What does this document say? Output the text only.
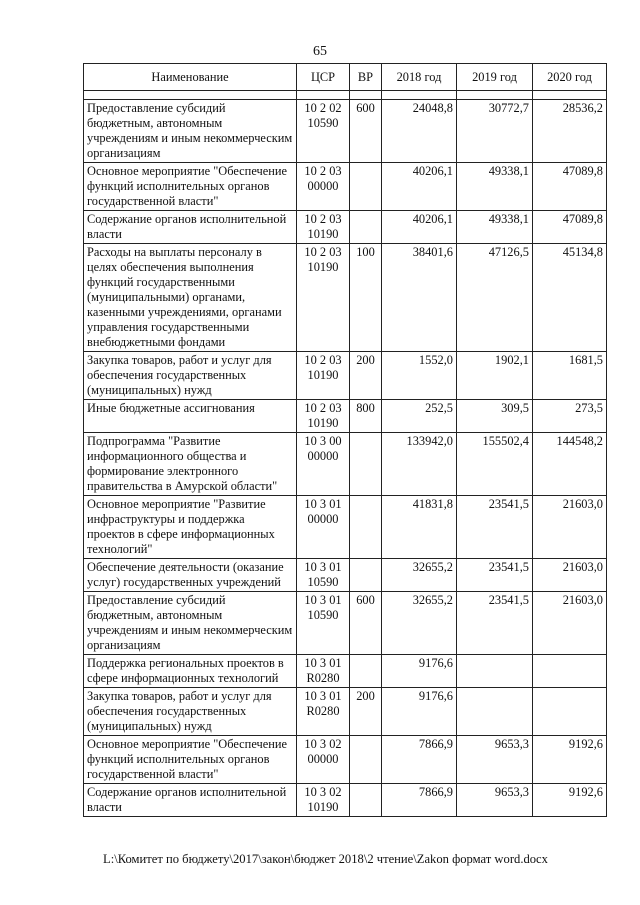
65
Наименование	ЦСР	ВР	2018 год	2019 год	2020 год

Предоставление субсидий бюджетным, автономным учреждениям и иным некоммерческим организациям	10 2 02 10590	600	24048,8	30772,7	28536,2
Основное мероприятие "Обеспечение функций исполнительных органов государственной власти"	10 2 03 00000		40206,1	49338,1	47089,8
Содержание органов исполнительной власти	10 2 03 10190		40206,1	49338,1	47089,8
Расходы на выплаты персоналу в целях обеспечения выполнения функций государственными (муниципальными) органами, казенными учреждениями, органами управления государственными внебюджетными фондами	10 2 03 10190	100	38401,6	47126,5	45134,8
Закупка товаров, работ и услуг для обеспечения государственных (муниципальных) нужд	10 2 03 10190	200	1552,0	1902,1	1681,5
Иные бюджетные ассигнования	10 2 03 10190	800	252,5	309,5	273,5
Подпрограмма "Развитие информационного общества и формирование электронного правительства в Амурской области"	10 3 00 00000		133942,0	155502,4	144548,2
Основное мероприятие "Развитие инфраструктуры и поддержка проектов в сфере информационных технологий"	10 3 01 00000		41831,8	23541,5	21603,0
Обеспечение деятельности (оказание услуг) государственных учреждений	10 3 01 10590		32655,2	23541,5	21603,0
Предоставление субсидий бюджетным, автономным учреждениям и иным некоммерческим организациям	10 3 01 10590	600	32655,2	23541,5	21603,0
Поддержка региональных проектов в сфере информационных технологий	10 3 01 R0280		9176,6		
Закупка товаров, работ и услуг для обеспечения государственных (муниципальных) нужд	10 3 01 R0280	200	9176,6		
Основное мероприятие "Обеспечение функций исполнительных органов государственной власти"	10 3 02 00000		7866,9	9653,3	9192,6
Содержание органов исполнительной власти	10 3 02 10190		7866,9	9653,3	9192,6
L:\Комитет по бюджету\2017\закон\бюджет 2018\2 чтение\Zakon формат word.docx
